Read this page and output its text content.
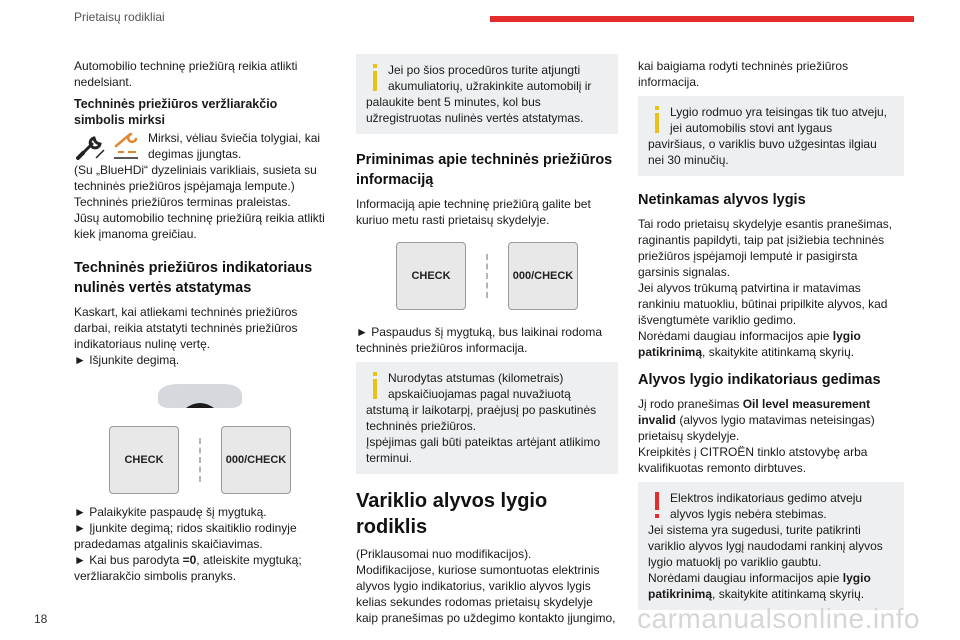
Prietaisų rodikliai

Automobilio techninę priežiūrą reikia atlikti
nedelsiant.

Techninės priežiūros veržliarakčio
simbolis mirksi

Mirksi, vėliau šviečia tolygiai, kai
degimas įjungtas.

(Su „BlueHDi“ dyzeliniais varikliais, susieta su
techninės priežiūros įspėjamąja lempute.)
Techninės priežiūros terminas praleistas.
Jūsų automobilio techninę priežiūrą reikia atlikti
kiek įmanoma greičiau.

Techninės priežiūros indikatoriaus
nulinės vertės atstatymas

Kaskart, kai atliekami techninės priežiūros
darbai, reikia atstatyti techninės priežiūros
indikatoriaus nulinę vertę.
► Išjunkite degimą.

CHECK	000/CHECK

► Palaikykite paspaudę šį mygtuką.
► Įjunkite degimą; ridos skaitiklio rodinyje
pradedamas atgalinis skaičiavimas.
► Kai bus parodyta =0, atleiskite mygtuką;
veržliarakčio simbolis pranyks.

Jei po šios procedūros turite atjungti
akumuliatorių, užrakinkite automobilį ir
palaukite bent 5 minutes, kol bus
užregistruotas nulinės vertės atstatymas.

Priminimas apie techninės priežiūros
informaciją

Informaciją apie techninę priežiūrą galite bet
kuriuo metu rasti prietaisų skydelyje.

CHECK	000/CHECK

► Paspaudus šį mygtuką, bus laikinai rodoma
techninės priežiūros informacija.

Nurodytas atstumas (kilometrais)
apskaičiuojamas pagal nuvažiuotą
atstumą ir laikotarpį, praėjusį po paskutinės
techninės priežiūros.
Įspėjimas gali būti pateiktas artėjant atlikimo
terminui.

Variklio alyvos lygio rodiklis

(Priklausomai nuo modifikacijos).
Modifikacijose, kuriose sumontuotas elektrinis
alyvos lygio indikatorius, variklio alyvos lygis
kelias sekundes rodomas prietaisų skydelyje
kaip pranešimas po uždegimo kontakto įjungimo,

kai baigiama rodyti techninės priežiūros
informacija.

Lygio rodmuo yra teisingas tik tuo atveju,
jei automobilis stovi ant lygaus
paviršiaus, o variklis buvo užgesintas ilgiau
nei 30 minučių.

Netinkamas alyvos lygis

Tai rodo prietaisų skydelyje esantis pranešimas,
raginantis papildyti, taip pat įsižiebia techninės
priežiūros įspėjamoji lemputė ir pasigirsta
garsinis signalas.
Jei alyvos trūkumą patvirtina ir matavimas
rankiniu matuokliu, būtinai pripilkite alyvos, kad
išvengtumėte variklio gedimo.
Norėdami daugiau informacijos apie lygio
patikrinimą, skaitykite atitinkamą skyrių.

Alyvos lygio indikatoriaus gedimas

Jį rodo pranešimas Oil level measurement
invalid (alyvos lygio matavimas neteisingas)
prietaisų skydelyje.
Kreipkitės į CITROËN tinklo atstovybę arba
kvalifikuotas remonto dirbtuves.

Elektros indikatoriaus gedimo atveju
alyvos lygis nebėra stebimas.
Jei sistema yra sugedusi, turite patikrinti
variklio alyvos lygį naudodami rankinį alyvos
lygio matuoklį po variklio gaubtu.
Norėdami daugiau informacijos apie lygio
patikrinimą, skaitykite atitinkamą skyrių.

18	carmanualsonline.info
